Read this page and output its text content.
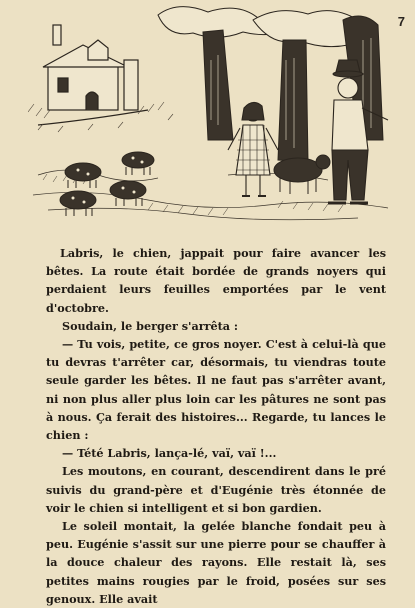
7

Labris, le chien, jappait pour faire avancer les bêtes. La route était bordée de grands noyers qui perdaient leurs feuilles emportées par le vent d'octobre.

Soudain, le berger s'arrêta :

— Tu vois, petite, ce gros noyer. C'est à celui-là que tu devras t'arrêter car, désormais, tu viendras toute seule garder les bêtes. Il ne faut pas s'arrêter avant, ni non plus aller plus loin car les pâtures ne sont pas à nous. Ça ferait des histoires... Regarde, tu lances le chien :

— Tété Labris, lança-lé, vaï, vaï !...

Les moutons, en courant, descendirent dans le pré suivis du grand-père et d'Eugénie très étonnée de voir le chien si intelligent et si bon gardien.

Le soleil montait, la gelée blanche fondait peu à peu. Eugénie s'assit sur une pierre pour se chauffer à la douce chaleur des rayons. Elle restait là, ses petites mains rougies par le froid, posées sur ses genoux. Elle avait
